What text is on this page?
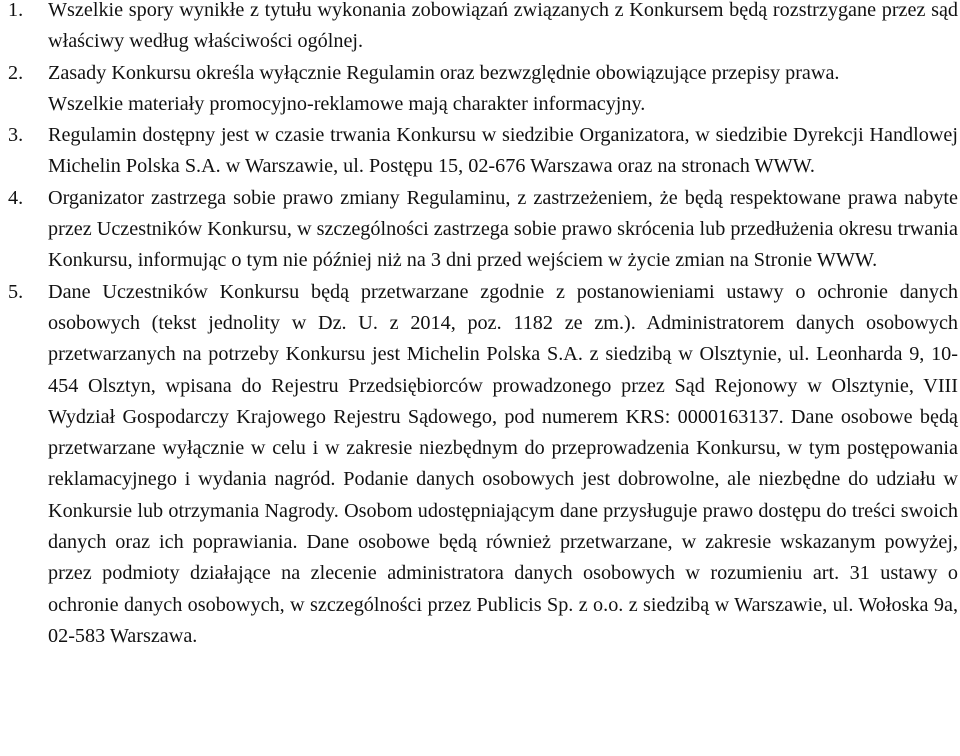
1.	Wszelkie spory wynikłe z tytułu wykonania zobowiązań związanych z Konkursem będą rozstrzygane przez sąd właściwy według właściwości ogólnej.

2.	Zasady Konkursu określa wyłącznie Regulamin oraz bezwzględnie obowiązujące przepisy prawa.

Wszelkie materiały promocyjno-reklamowe mają charakter informacyjny.

3.	Regulamin dostępny jest w czasie trwania Konkursu w siedzibie Organizatora, w siedzibie Dyrekcji Handlowej Michelin Polska S.A. w Warszawie, ul. Postępu 15, 02-676 Warszawa oraz na stronach WWW.

4.	Organizator zastrzega sobie prawo zmiany Regulaminu, z zastrzeżeniem, że będą respektowane prawa nabyte przez Uczestników Konkursu, w szczególności zastrzega sobie prawo skrócenia lub przedłużenia okresu trwania Konkursu, informując o tym nie później niż na 3 dni przed wejściem w życie zmian na Stronie WWW.

5.	Dane Uczestników Konkursu będą przetwarzane zgodnie z postanowieniami ustawy o ochronie danych osobowych (tekst jednolity w Dz. U. z 2014, poz. 1182 ze zm.). Administratorem danych osobowych przetwarzanych na potrzeby Konkursu jest Michelin Polska S.A. z siedzibą w Olsztynie, ul. Leonharda 9, 10-454 Olsztyn, wpisana do Rejestru Przedsiębiorców prowadzonego przez Sąd Rejonowy w Olsztynie, VIII Wydział Gospodarczy Krajowego Rejestru Sądowego, pod numerem KRS: 0000163137. Dane osobowe będą przetwarzane wyłącznie w celu i w zakresie niezbędnym do przeprowadzenia Konkursu, w tym postępowania reklamacyjnego i wydania nagród. Podanie danych osobowych jest dobrowolne, ale niezbędne do udziału w Konkursie lub otrzymania Nagrody. Osobom udostępniającym dane przysługuje prawo dostępu do treści swoich danych oraz ich poprawiania. Dane osobowe będą również przetwarzane, w zakresie wskazanym powyżej, przez podmioty działające na zlecenie administratora danych osobowych w rozumieniu art. 31 ustawy o ochronie danych osobowych, w szczególności przez Publicis Sp. z o.o. z siedzibą w Warszawie, ul. Wołoska 9a, 02-583 Warszawa.
